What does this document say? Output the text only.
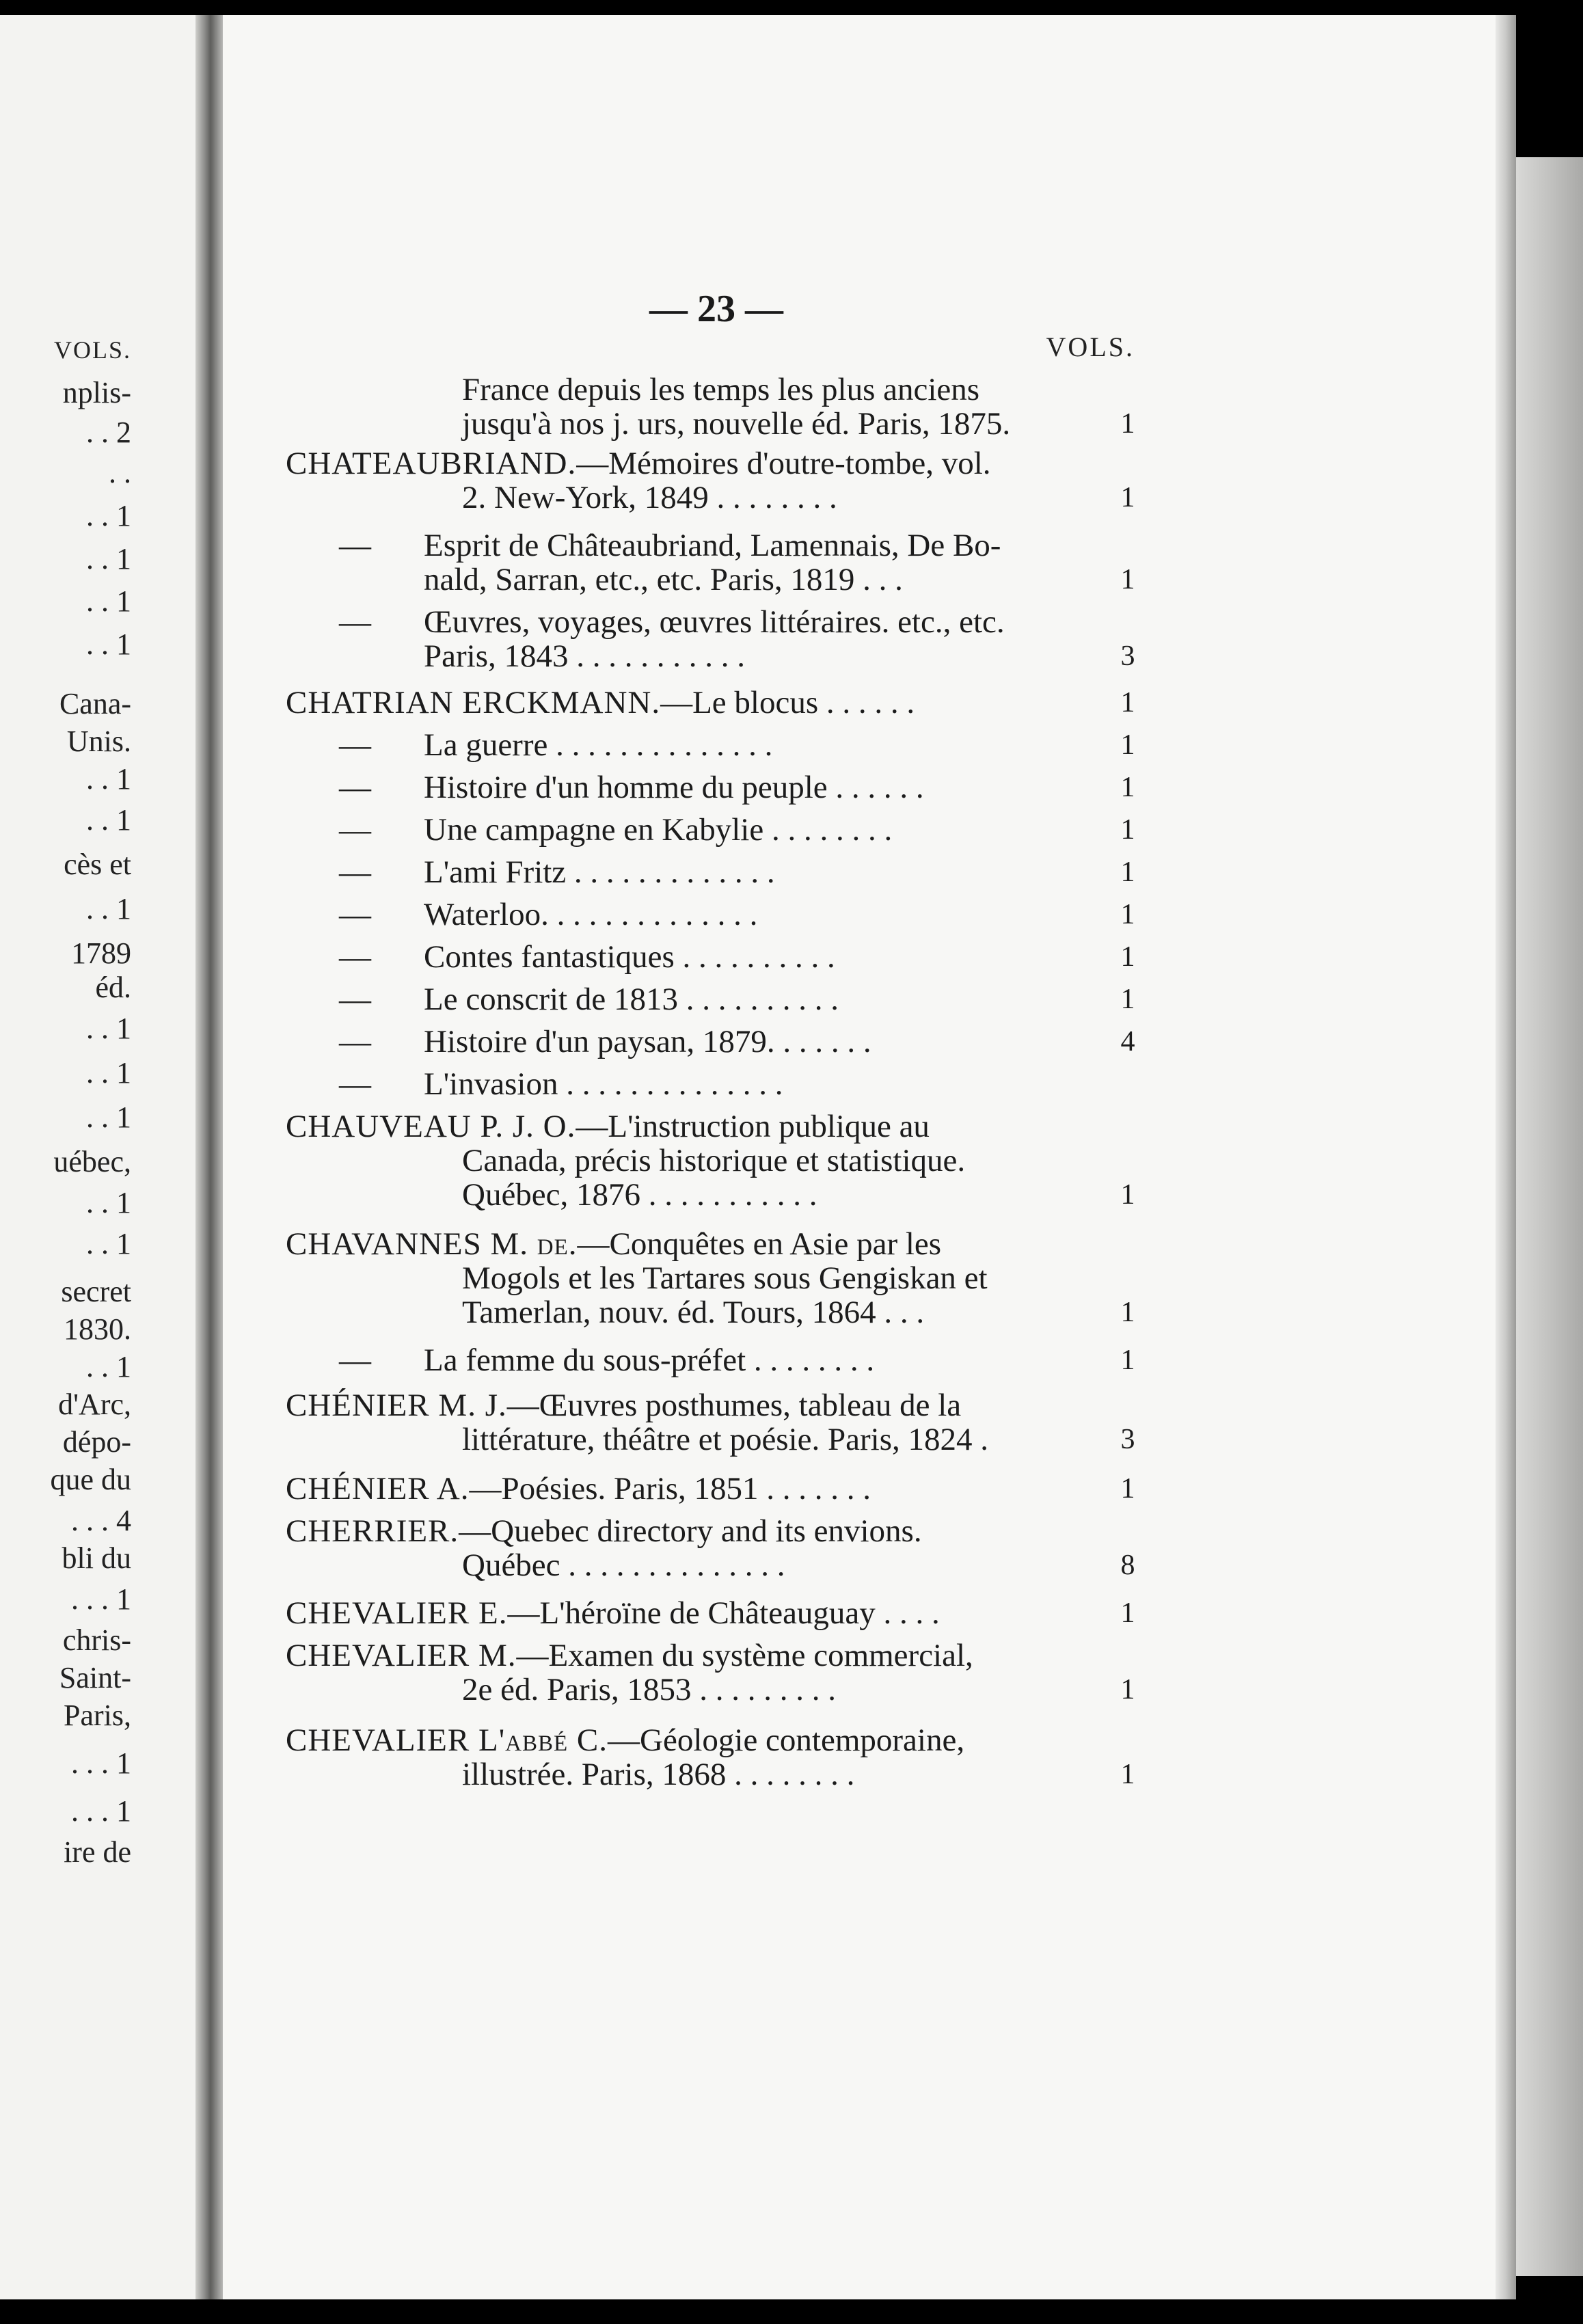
VOLS.
nplis-
. . 2
. .
. . 1
. . 1
. . 1
. . 1
Cana-
Unis.
. . 1
. . 1
cès et
. . 1
1789
éd.
. . 1
. . 1
. . 1
uébec,
. . 1
. . 1
secret
1830.
. . 1
d'Arc,
dépo-
que du
. . . 4
bli du
. . . 1
chris-
Saint-
Paris,
. . . 1
. . . 1
ire de
— 23 —
VOLS.
France depuis les temps les plus anciens
jusqu'à nos j. urs, nouvelle éd. Paris, 1875.	1
CHATEAUBRIAND.—Mémoires d'outre-tombe, vol.
2. New-York, 1849 . . . . . . . .	1
— Esprit de Châteaubriand, Lamennais, De Bo-
nald, Sarran, etc., etc. Paris, 1819 . . .	1
— Œuvres, voyages, œuvres littéraires. etc., etc.
Paris, 1843 . . . . . . . . . . .	3
CHATRIAN ERCKMANN.—Le blocus . . . . . .	1
— La guerre . . . . . . . . . . . . . .	1
— Histoire d'un homme du peuple . . . . . .	1
— Une campagne en Kabylie . . . . . . . .	1
— L'ami Fritz . . . . . . . . . . . . .	1
— Waterloo. . . . . . . . . . . . . .	1
— Contes fantastiques . . . . . . . . . .	1
— Le conscrit de 1813 . . . . . . . . . .	1
— Histoire d'un paysan, 1879. . . . . . .	4
— L'invasion . . . . . . . . . . . . . .
CHAUVEAU P. J. O.—L'instruction publique au
Canada, précis historique et statistique.
Québec, 1876 . . . . . . . . . . .	1
CHAVANNES M. de.—Conquêtes en Asie par les
Mogols et les Tartares sous Gengiskan et
Tamerlan, nouv. éd. Tours, 1864 . . .	1
— La femme du sous-préfet . . . . . . . .	1
CHÉNIER M. J.—Œuvres posthumes, tableau de la
littérature, théâtre et poésie. Paris, 1824 .	3
CHÉNIER A.—Poésies. Paris, 1851 . . . . . . .	1
CHERRIER.—Quebec directory and its envions.
Québec . . . . . . . . . . . . . .	8
CHEVALIER E.—L'héroïne de Châteauguay . . . .	1
CHEVALIER M.—Examen du système commercial,
2e éd. Paris, 1853 . . . . . . . . .	1
CHEVALIER L'abbé C.—Géologie contemporaine,
illustrée. Paris, 1868 . . . . . . . .	1
